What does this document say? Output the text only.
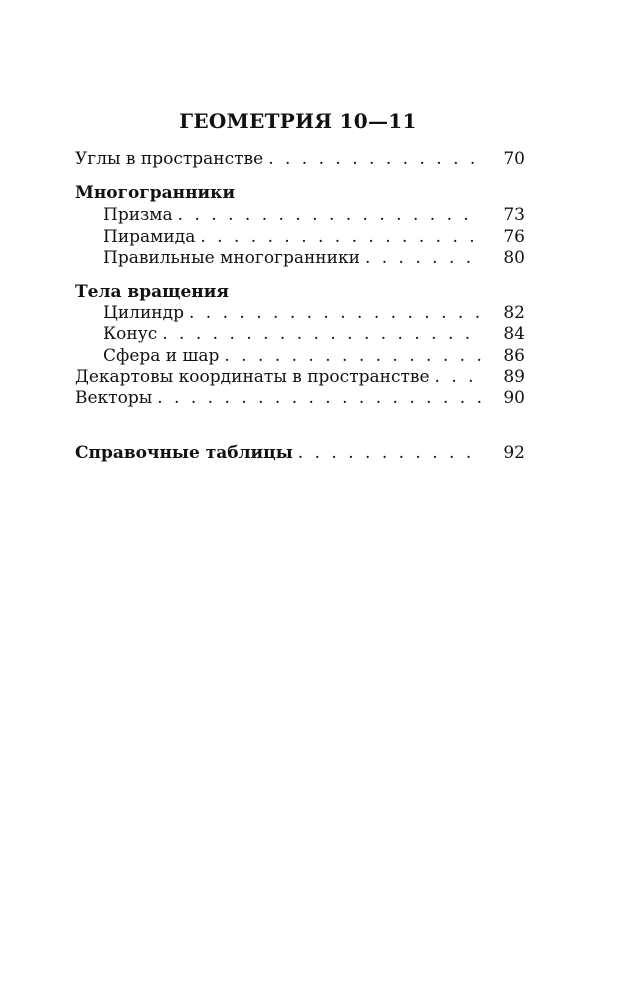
ГЕОМЕТРИЯ 10—11
Углы в пространстве . . .	70
Многогранники
Призма . . .	73
Пирамида . . .	76
Правильные многогранники . . .	80
Тела вращения
Цилиндр . . .	82
Конус . . .	84
Сфера и шар . . .	86
Декартовы координаты в пространстве . . .	89
Векторы . . .	90
Справочные таблицы . . .	92
